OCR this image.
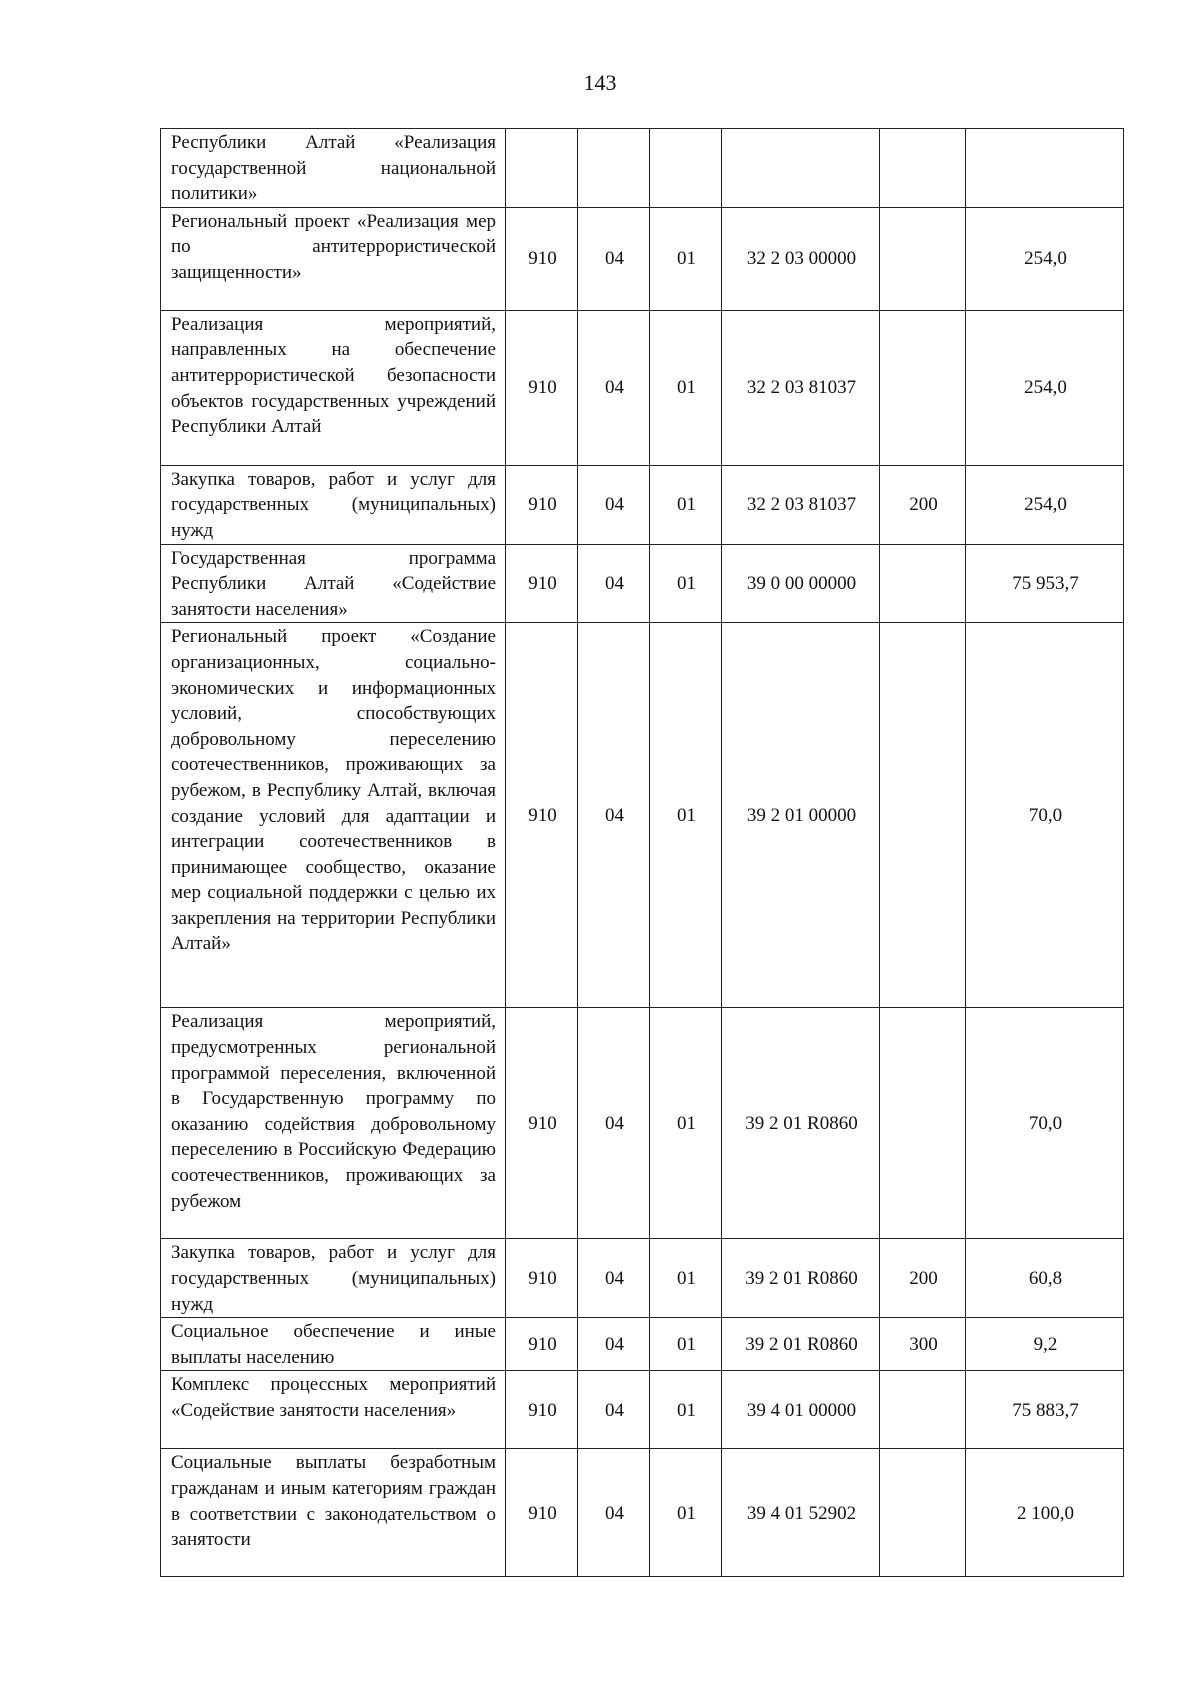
143
Республики Алтай «Реализация государственной национальной политики»						
Региональный проект «Реализация мер по антитеррористической защищенности»	910	04	01	32 2 03 00000		254,0
Реализация мероприятий, направленных на обеспечение антитеррористической безопасности объектов государственных учреждений Республики Алтай	910	04	01	32 2 03 81037		254,0
Закупка товаров, работ и услуг для государственных (муниципальных) нужд	910	04	01	32 2 03 81037	200	254,0
Государственная программа Республики Алтай «Содействие занятости населения»	910	04	01	39 0 00 00000		75 953,7
Региональный проект «Создание организационных, социально-экономических и информационных условий, способствующих добровольному переселению соотечественников, проживающих за рубежом, в Республику Алтай, включая создание условий для адаптации и интеграции соотечественников в принимающее сообщество, оказание мер социальной поддержки с целью их закрепления на территории Республики Алтай»	910	04	01	39 2 01 00000		70,0
Реализация мероприятий, предусмотренных региональной программой переселения, включенной в Государственную программу по оказанию содействия добровольному переселению в Российскую Федерацию соотечественников, проживающих за рубежом	910	04	01	39 2 01 R0860		70,0
Закупка товаров, работ и услуг для государственных (муниципальных) нужд	910	04	01	39 2 01 R0860	200	60,8
Социальное обеспечение и иные выплаты населению	910	04	01	39 2 01 R0860	300	9,2
Комплекс процессных мероприятий «Содействие занятости населения»	910	04	01	39 4 01 00000		75 883,7
Социальные выплаты безработным гражданам и иным категориям граждан в соответствии с законодательством о занятости	910	04	01	39 4 01 52902		2 100,0
